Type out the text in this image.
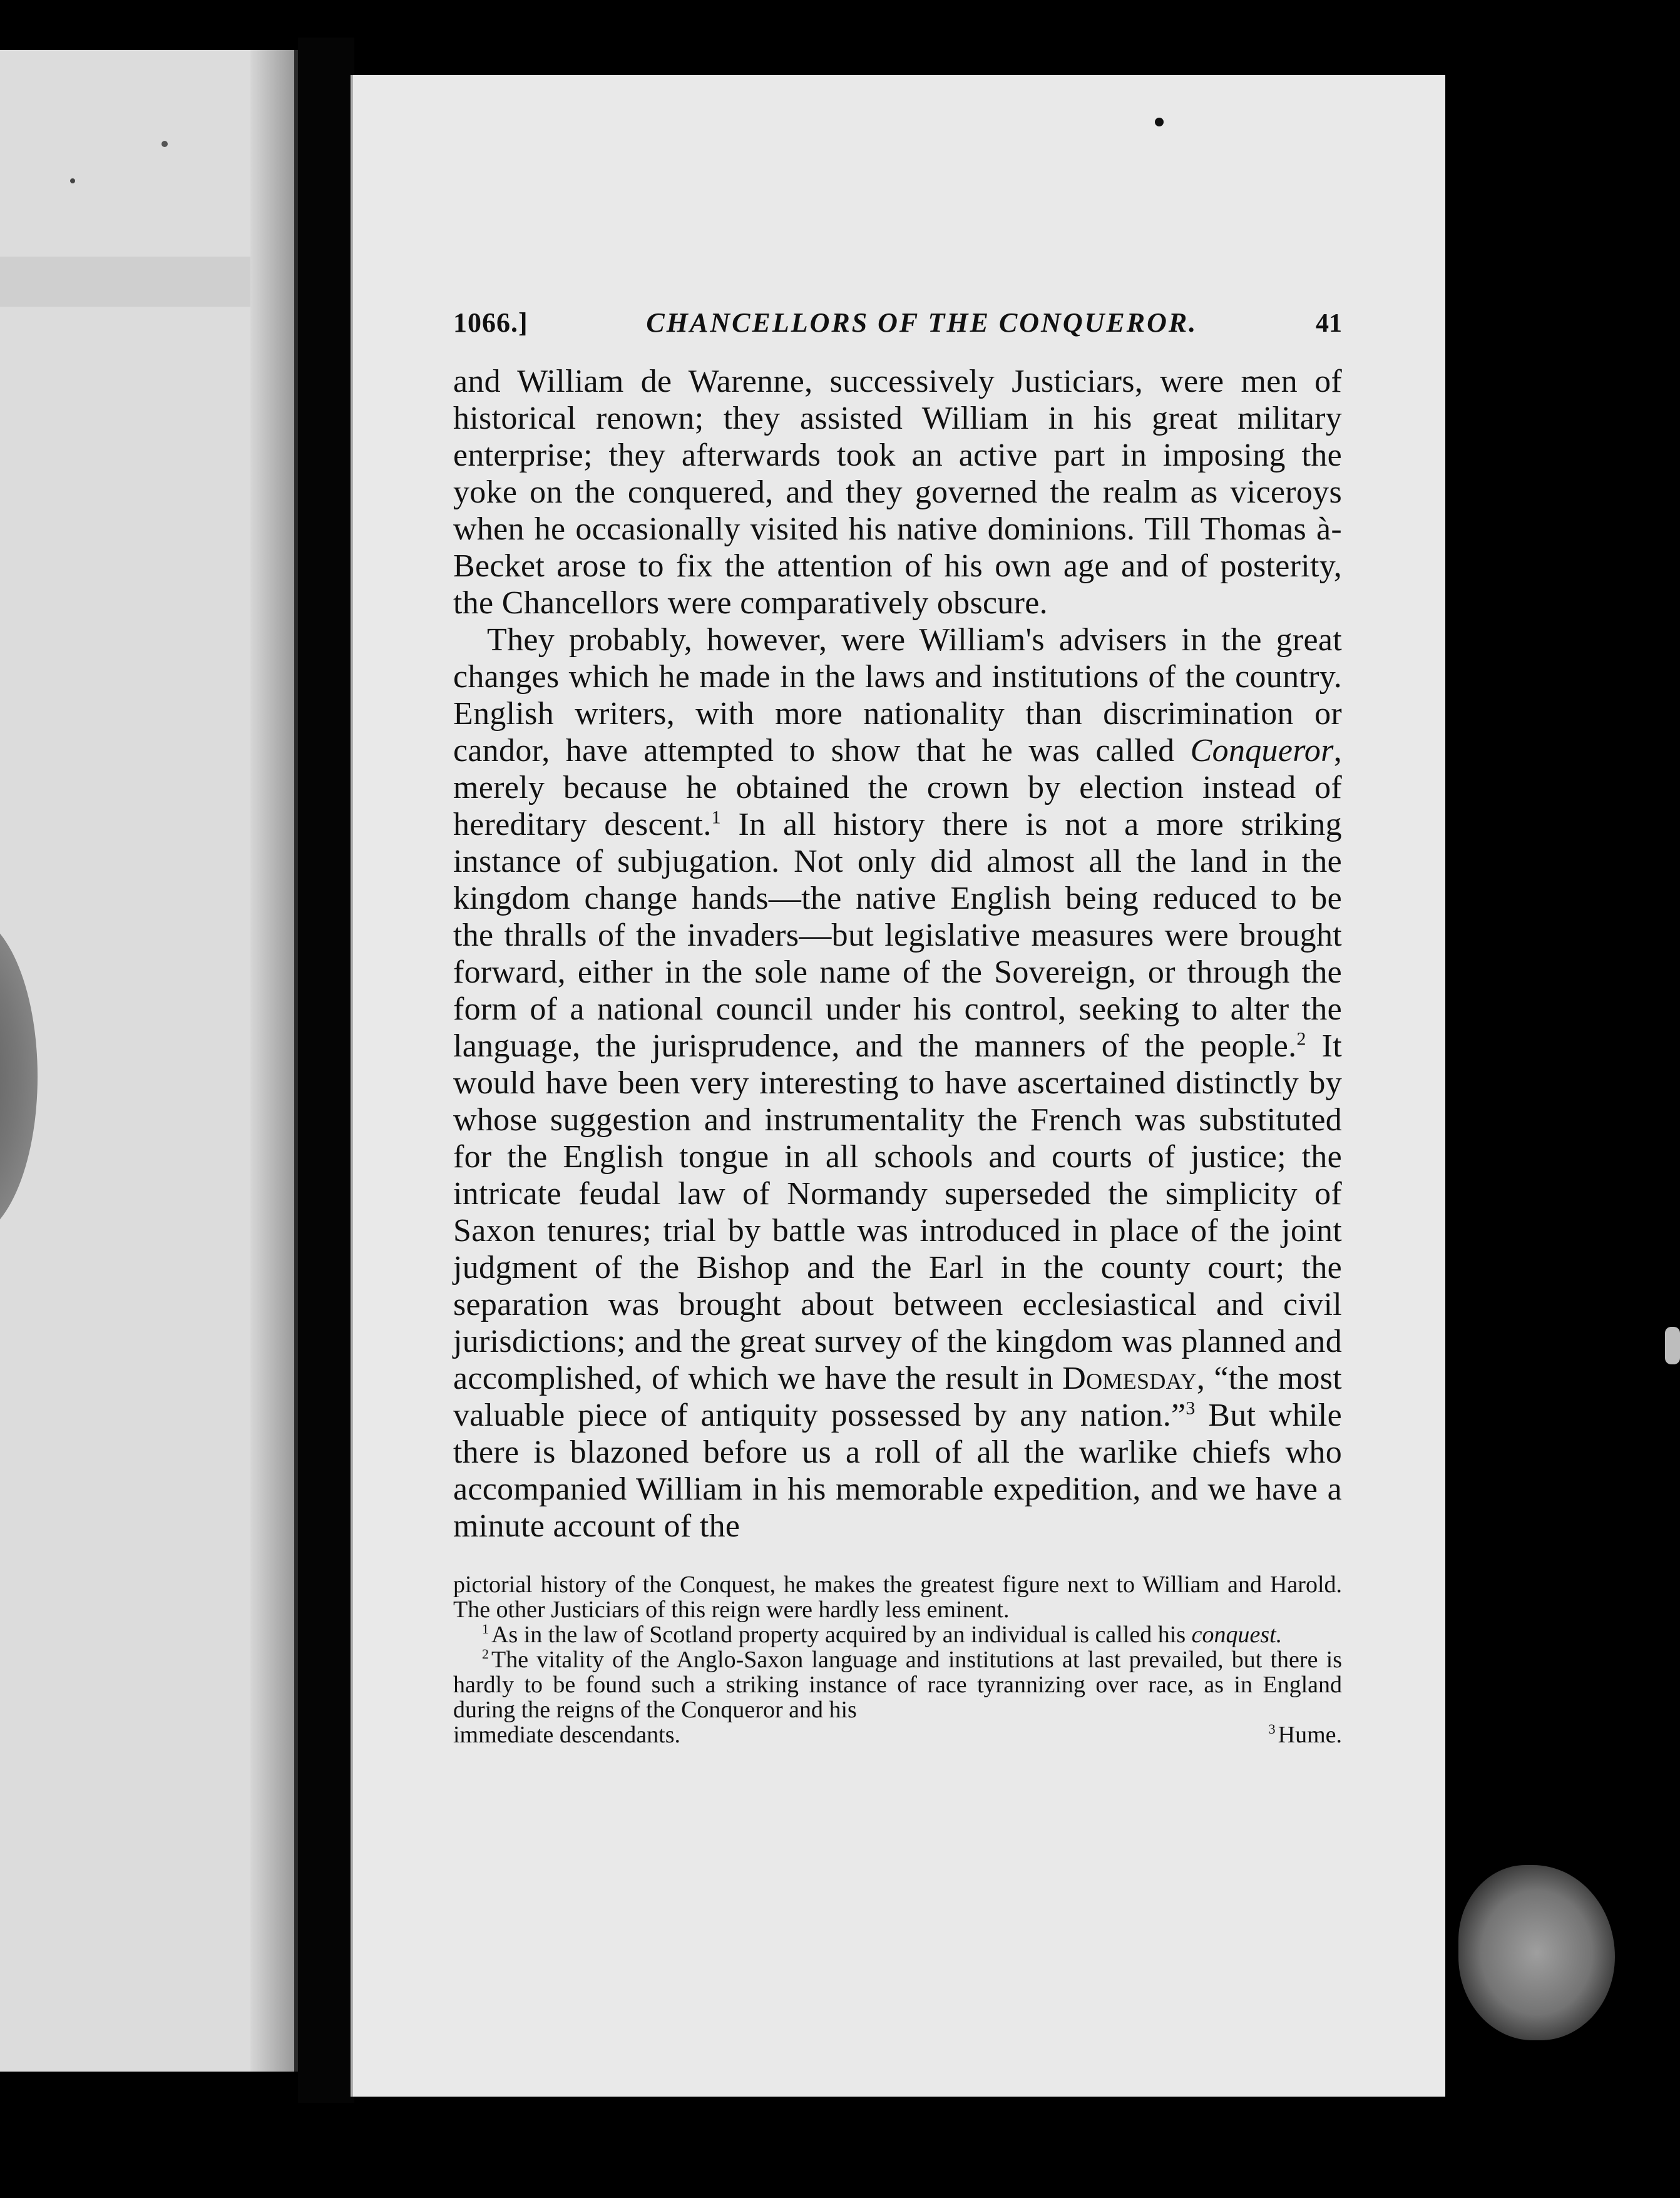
1066.]	CHANCELLORS OF THE CONQUEROR.	41

and William de Warenne, successively Justiciars, were men of historical renown; they assisted William in his great military enterprise; they afterwards took an active part in imposing the yoke on the conquered, and they governed the realm as viceroys when he occasionally visited his native dominions. Till Thomas à-Becket arose to fix the attention of his own age and of posterity, the Chancellors were comparatively obscure.

They probably, however, were William's advisers in the great changes which he made in the laws and institutions of the country. English writers, with more nationality than discrimination or candor, have attempted to show that he was called Conqueror, merely because he obtained the crown by election instead of hereditary descent.$^1$ In all history there is not a more striking instance of subjugation. Not only did almost all the land in the kingdom change hands—the native English being reduced to be the thralls of the invaders—but legislative measures were brought forward, either in the sole name of the Sovereign, or through the form of a national council under his control, seeking to alter the language, the jurisprudence, and the manners of the people.$^2$ It would have been very interesting to have ascertained distinctly by whose suggestion and instrumentality the French was substituted for the English tongue in all schools and courts of justice; the intricate feudal law of Normandy superseded the simplicity of Saxon tenures; trial by battle was introduced in place of the joint judgment of the Bishop and the Earl in the county court; the separation was brought about between ecclesiastical and civil jurisdictions; and the great survey of the kingdom was planned and accomplished, of which we have the result in Domesday, “the most valuable piece of antiquity possessed by any nation.”$^3$ But while there is blazoned before us a roll of all the warlike chiefs who accompanied William in his memorable expedition, and we have a minute account of the

pictorial history of the Conquest, he makes the greatest figure next to William and Harold. The other Justiciars of this reign were hardly less eminent.

$^1$ As in the law of Scotland property acquired by an individual is called his conquest.

$^2$ The vitality of the Anglo-Saxon language and institutions at last prevailed, but there is hardly to be found such a striking instance of race tyrannizing over race, as in England during the reigns of the Conqueror and his

immediate descendants.	$^3$ Hume.
